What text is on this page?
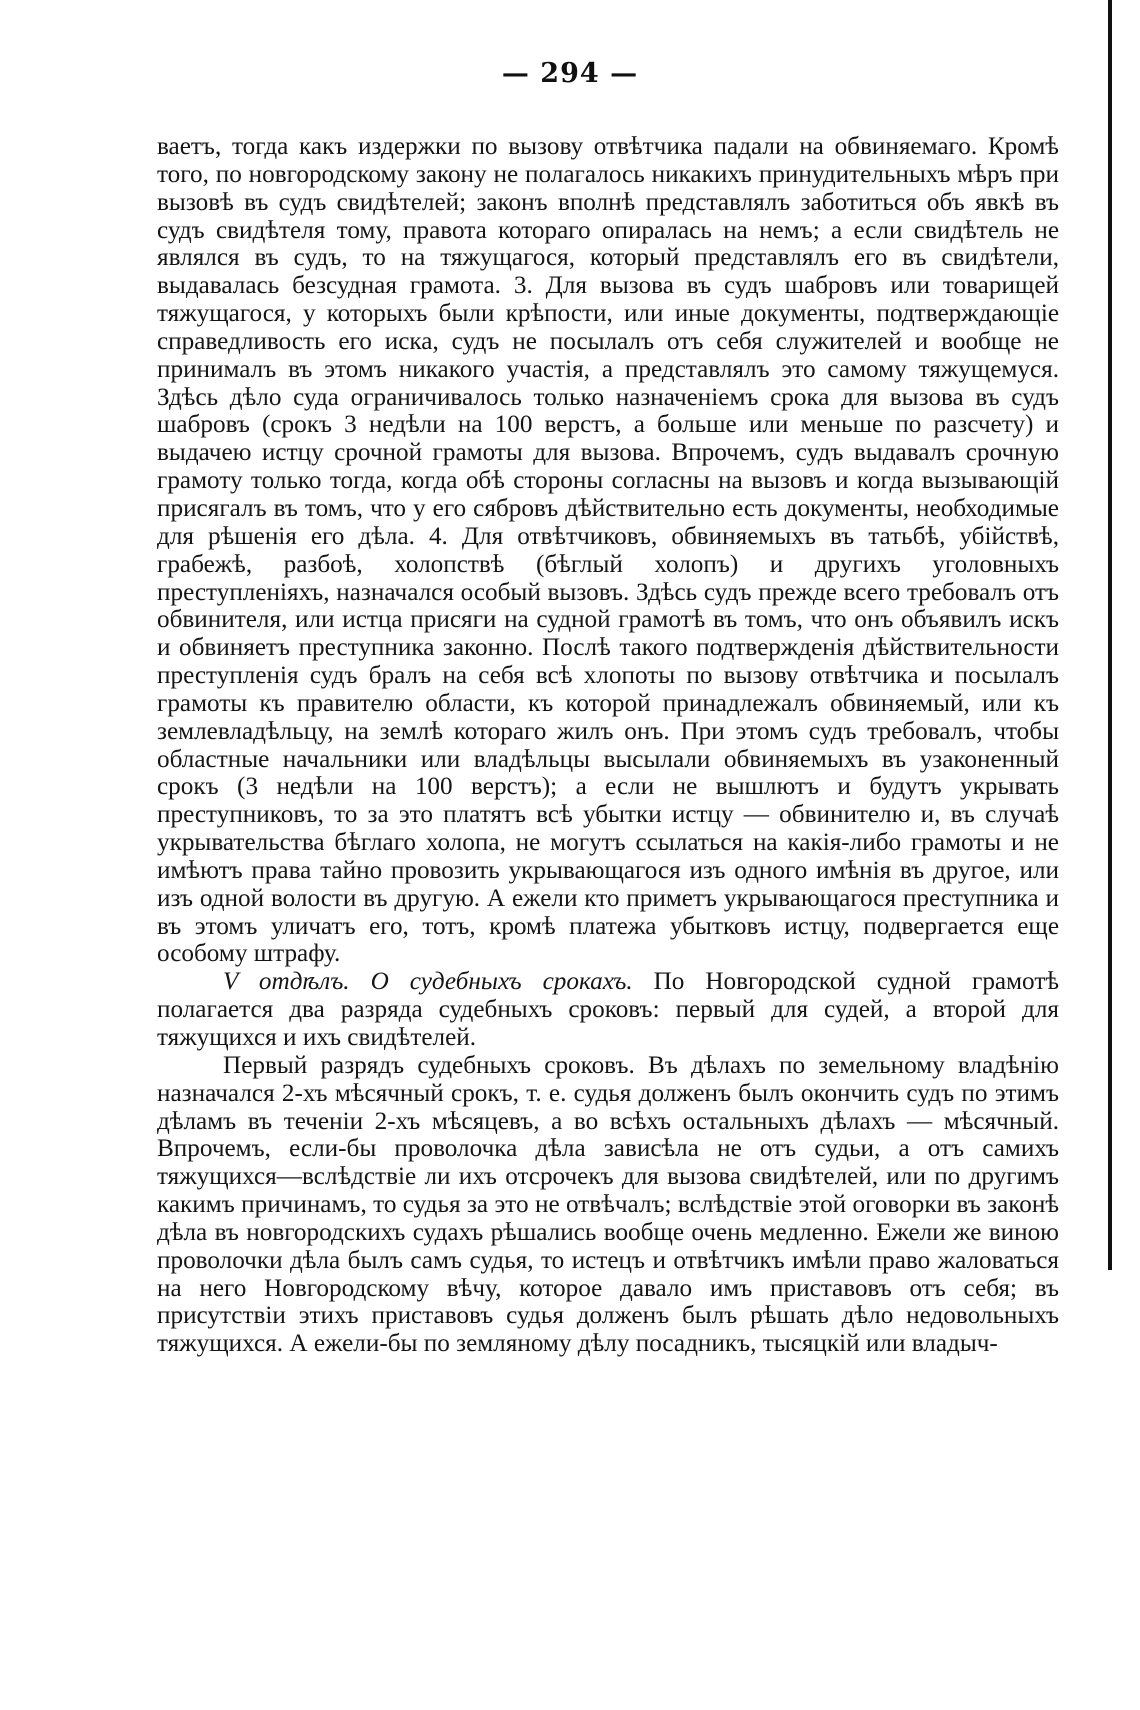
— 294 —

ваетъ, тогда какъ издержки по вызову отвѣтчика падали на обвиняемаго. Кромѣ того, по новгородскому закону не полагалось никакихъ принудительныхъ мѣръ при вызовѣ въ судъ свидѣтелей; законъ вполнѣ представлялъ заботиться объ явкѣ въ судъ свидѣтеля тому, правота котораго опиралась на немъ; а если свидѣтель не являлся въ судъ, то на тяжущагося, который представлялъ его въ свидѣтели, выдавалась безсудная грамота. 3. Для вызова въ судъ шабровъ или товарищей тяжущагося, у которыхъ были крѣпости, или иные документы, подтверждающіе справедливость его иска, судъ не посылалъ отъ себя служителей и вообще не принималъ въ этомъ никакого участія, а представлялъ это самому тяжущемуся. Здѣсь дѣло суда ограничивалось только назначеніемъ срока для вызова въ судъ шабровъ (срокъ 3 недѣли на 100 верстъ, а больше или меньше по разсчету) и выдачею истцу срочной грамоты для вызова. Впрочемъ, судъ выдавалъ срочную грамоту только тогда, когда обѣ стороны согласны на вызовъ и когда вызывающій присягалъ въ томъ, что у его сябровъ дѣйствительно есть документы, необходимые для рѣшенія его дѣла. 4. Для отвѣтчиковъ, обвиняемыхъ въ татьбѣ, убійствѣ, грабежѣ, разбоѣ, холопствѣ (бѣглый холопъ) и другихъ уголовныхъ преступленіяхъ, назначался особый вызовъ. Здѣсь судъ прежде всего требовалъ отъ обвинителя, или истца присяги на судной грамотѣ въ томъ, что онъ объявилъ искъ и обвиняетъ преступника законно. Послѣ такого подтвержденія дѣйствительности преступленія судъ бралъ на себя всѣ хлопоты по вызову отвѣтчика и посылалъ грамоты къ правителю области, къ которой принадлежалъ обвиняемый, или къ землевладѣльцу, на землѣ котораго жилъ онъ. При этомъ судъ требовалъ, чтобы областные начальники или владѣльцы высылали обвиняемыхъ въ узаконенный срокъ (3 недѣли на 100 верстъ); а если не вышлютъ и будутъ укрывать преступниковъ, то за это платятъ всѣ убытки истцу — обвинителю и, въ случаѣ укрывательства бѣглаго холопа, не могутъ ссылаться на какія-либо грамоты и не имѣютъ права тайно провозить укрывающагося изъ одного имѣнія въ другое, или изъ одной волости въ другую. А ежели кто приметъ укрывающагося преступника и въ этомъ уличатъ его, тотъ, кромѣ платежа убытковъ истцу, подвергается еще особому штрафу.

V отдѣлъ. О судебныхъ срокахъ. По Новгородской судной грамотѣ полагается два разряда судебныхъ сроковъ: первый для судей, а второй для тяжущихся и ихъ свидѣтелей.

Первый разрядъ судебныхъ сроковъ. Въ дѣлахъ по земельному владѣнію назначался 2-хъ мѣсячный срокъ, т. е. судья долженъ былъ окончить судъ по этимъ дѣламъ въ теченіи 2-хъ мѣсяцевъ, а во всѣхъ остальныхъ дѣлахъ — мѣсячный. Впрочемъ, если-бы проволочка дѣла зависѣла не отъ судьи, а отъ самихъ тяжущихся—вслѣдствіе ли ихъ отсрочекъ для вызова свидѣтелей, или по другимъ какимъ причинамъ, то судья за это не отвѣчалъ; вслѣдствіе этой оговорки въ законѣ дѣла въ новгородскихъ судахъ рѣшались вообще очень медленно. Ежели же виною проволочки дѣла былъ самъ судья, то истецъ и отвѣтчикъ имѣли право жаловаться на него Новгородскому вѣчу, которое давало имъ приставовъ отъ себя; въ присутствіи этихъ приставовъ судья долженъ былъ рѣшать дѣло недовольныхъ тяжущихся. А ежели-бы по земляному дѣлу посадникъ, тысяцкій или владыч-
